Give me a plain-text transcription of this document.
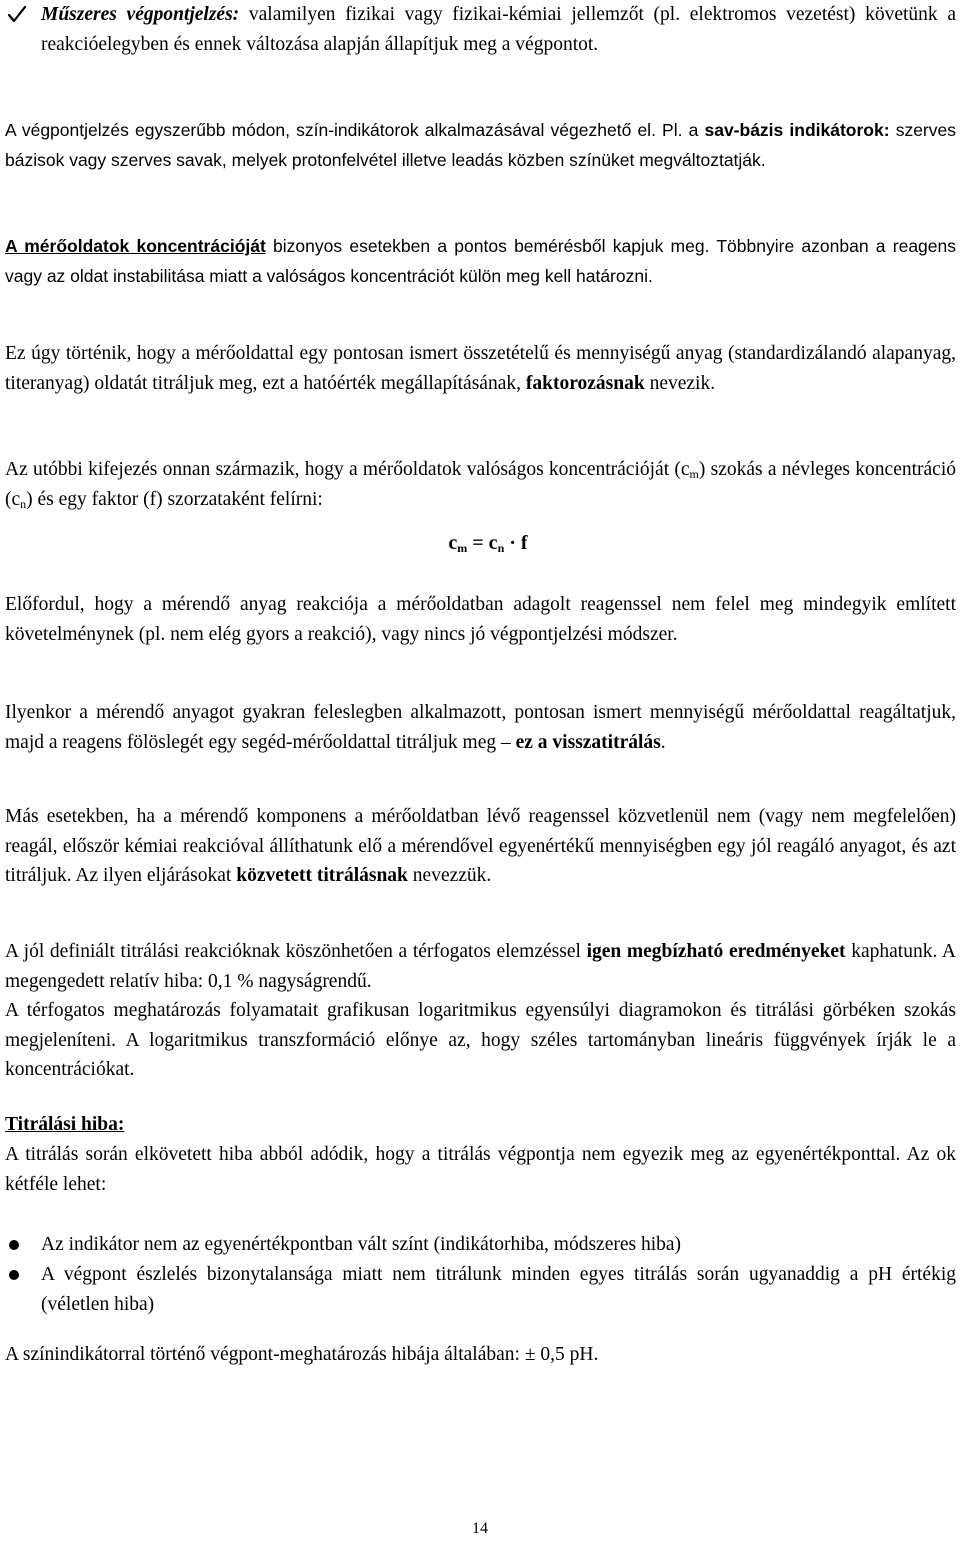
Műszeres végpontjelzés: valamilyen fizikai vagy fizikai-kémiai jellemzőt (pl. elektromos vezetést) követünk a reakcióelegyben és ennek változása alapján állapítjuk meg a végpontot.

A végpontjelzés egyszerűbb módon, szín-indikátorok alkalmazásával végezhető el. Pl. a sav-bázis indikátorok: szerves bázisok vagy szerves savak, melyek protonfelvétel illetve leadás közben színüket megváltoztatják.

A mérőoldatok koncentrációját bizonyos esetekben a pontos bemérésből kapjuk meg. Többnyire azonban a reagens vagy az oldat instabilitása miatt a valóságos koncentrációt külön meg kell határozni.

Ez úgy történik, hogy a mérőoldattal egy pontosan ismert összetételű és mennyiségű anyag (standardizálandó alapanyag, titeranyag) oldatát titráljuk meg, ezt a hatóérték megállapításának, faktorozásnak nevezik.

Az utóbbi kifejezés onnan származik, hogy a mérőoldatok valóságos koncentrációját $(c_m)$ szokás a névleges koncentráció $(c_n)$ és egy faktor (f) szorzataként felírni:

$c_m = c_n \cdot f$

Előfordul, hogy a mérendő anyag reakciója a mérőoldatban adagolt reagenssel nem felel meg mindegyik említett követelménynek (pl. nem elég gyors a reakció), vagy nincs jó végpontjelzési módszer.

Ilyenkor a mérendő anyagot gyakran feleslegben alkalmazott, pontosan ismert mennyiségű mérőoldattal reagáltatjuk, majd a reagens fölöslegét egy segéd-mérőoldattal titráljuk meg – ez a visszatitrálás.

Más esetekben, ha a mérendő komponens a mérőoldatban lévő reagenssel közvetlenül nem (vagy nem megfelelően) reagál, először kémiai reakcióval állíthatunk elő a mérendővel egyenértékű mennyiségben egy jól reagáló anyagot, és azt titráljuk. Az ilyen eljárásokat közvetett titrálásnak nevezzük.

A jól definiált titrálási reakcióknak köszönhetően a térfogatos elemzéssel igen megbízható eredményeket kaphatunk. A megengedett relatív hiba: 0,1 % nagyságrendű.

A térfogatos meghatározás folyamatait grafikusan logaritmikus egyensúlyi diagramokon és titrálási görbéken szokás megjeleníteni. A logaritmikus transzformáció előnye az, hogy széles tartományban lineáris függvények írják le a koncentrációkat.

Titrálási hiba:

A titrálás során elkövetett hiba abból adódik, hogy a titrálás végpontja nem egyezik meg az egyenértékponttal. Az ok kétféle lehet:

Az indikátor nem az egyenértékpontban vált színt (indikátorhiba, módszeres hiba)

A végpont észlelés bizonytalansága miatt nem titrálunk minden egyes titrálás során ugyanaddig a pH értékig (véletlen hiba)

A színindikátorral történő végpont-meghatározás hibája általában: ± 0,5 pH.

14
